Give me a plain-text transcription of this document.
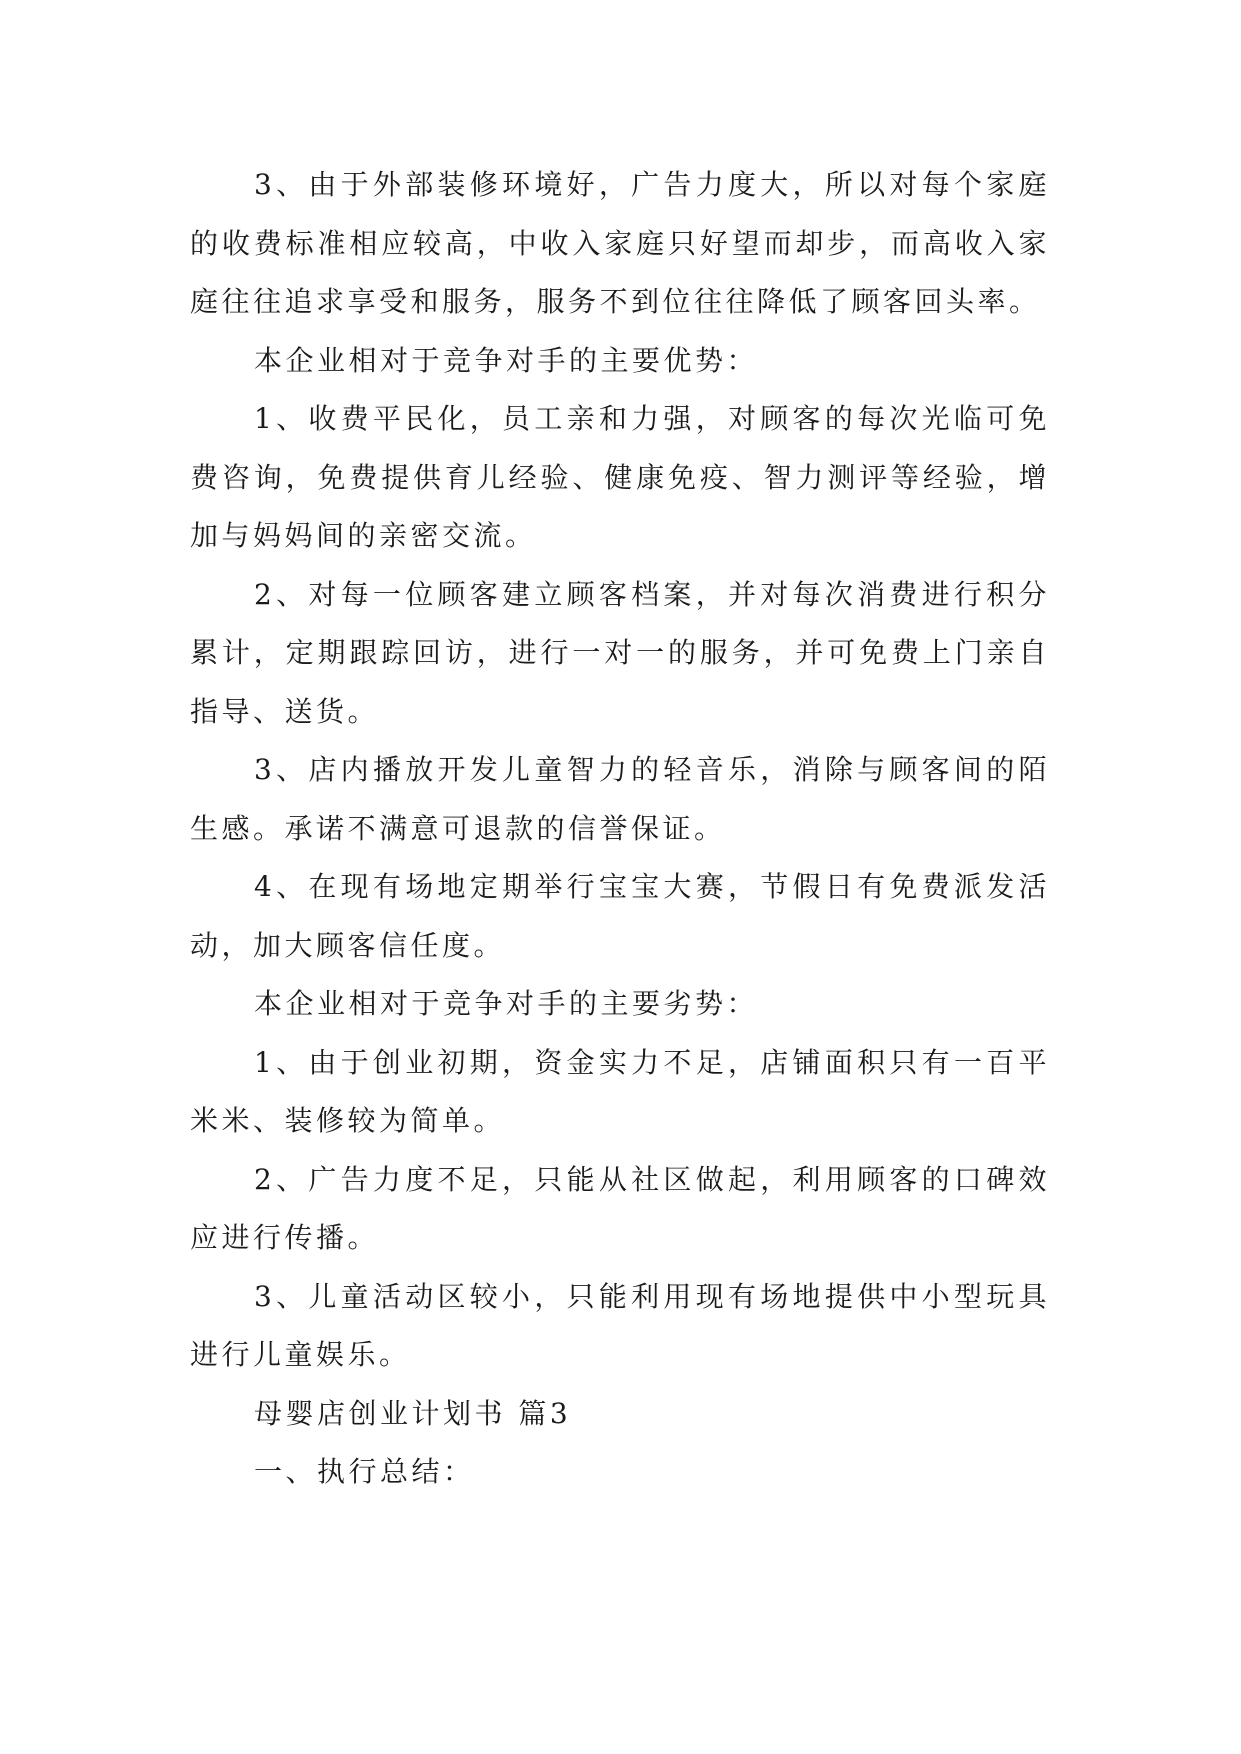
3、由于外部装修环境好，广告力度大，所以对每个家庭的收费标准相应较高，中收入家庭只好望而却步，而高收入家庭往往追求享受和服务，服务不到位往往降低了顾客回头率。

本企业相对于竞争对手的主要优势：

1、收费平民化，员工亲和力强，对顾客的每次光临可免费咨询，免费提供育儿经验、健康免疫、智力测评等经验，增加与妈妈间的亲密交流。

2、对每一位顾客建立顾客档案，并对每次消费进行积分累计，定期跟踪回访，进行一对一的服务，并可免费上门亲自指导、送货。

3、店内播放开发儿童智力的轻音乐，消除与顾客间的陌生感。承诺不满意可退款的信誉保证。

4、在现有场地定期举行宝宝大赛，节假日有免费派发活动，加大顾客信任度。

本企业相对于竞争对手的主要劣势：

1、由于创业初期，资金实力不足，店铺面积只有一百平米米、装修较为简单。

2、广告力度不足，只能从社区做起，利用顾客的口碑效应进行传播。

3、儿童活动区较小，只能利用现有场地提供中小型玩具进行儿童娱乐。

母婴店创业计划书 篇3

一、执行总结：
